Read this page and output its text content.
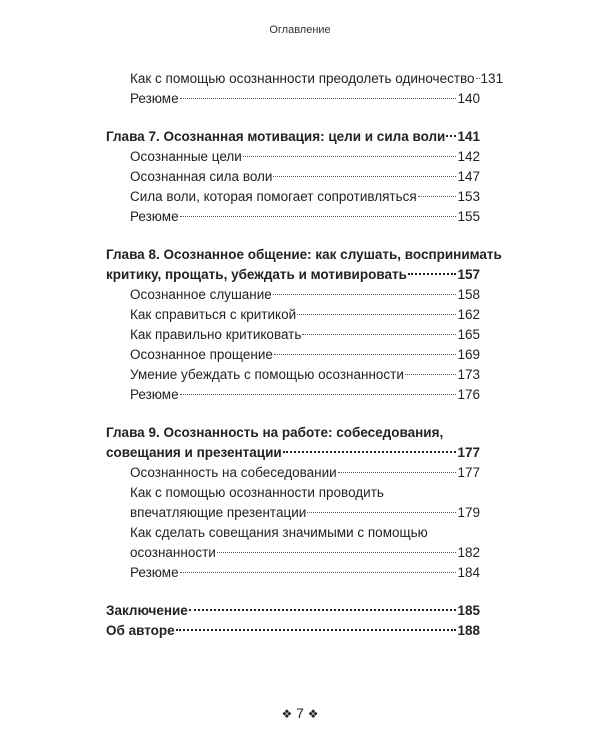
Оглавление
Как с помощью осознанности преодолеть одиночество 131
Резюме	140
Глава 7. Осознанная мотивация: цели и сила воли 141
Осознанные цели	142
Осознанная сила воли	147
Сила воли, которая помогает сопротивляться	153
Резюме	155
Глава 8. Осознанное общение: как слушать, воспринимать
критику, прощать, убеждать и мотивировать	157
Осознанное слушание	158
Как справиться с критикой	162
Как правильно критиковать	165
Осознанное прощение	169
Умение убеждать с помощью осознанности	173
Резюме	176
Глава 9. Осознанность на работе: собеседования,
совещания и презентации	177
Осознанность на собеседовании	177
Как с помощью осознанности проводить
впечатляющие презентации	179
Как сделать совещания значимыми с помощью
осознанности	182
Резюме	184
Заключение	185
Об авторе	188
❖ 7 ❖
